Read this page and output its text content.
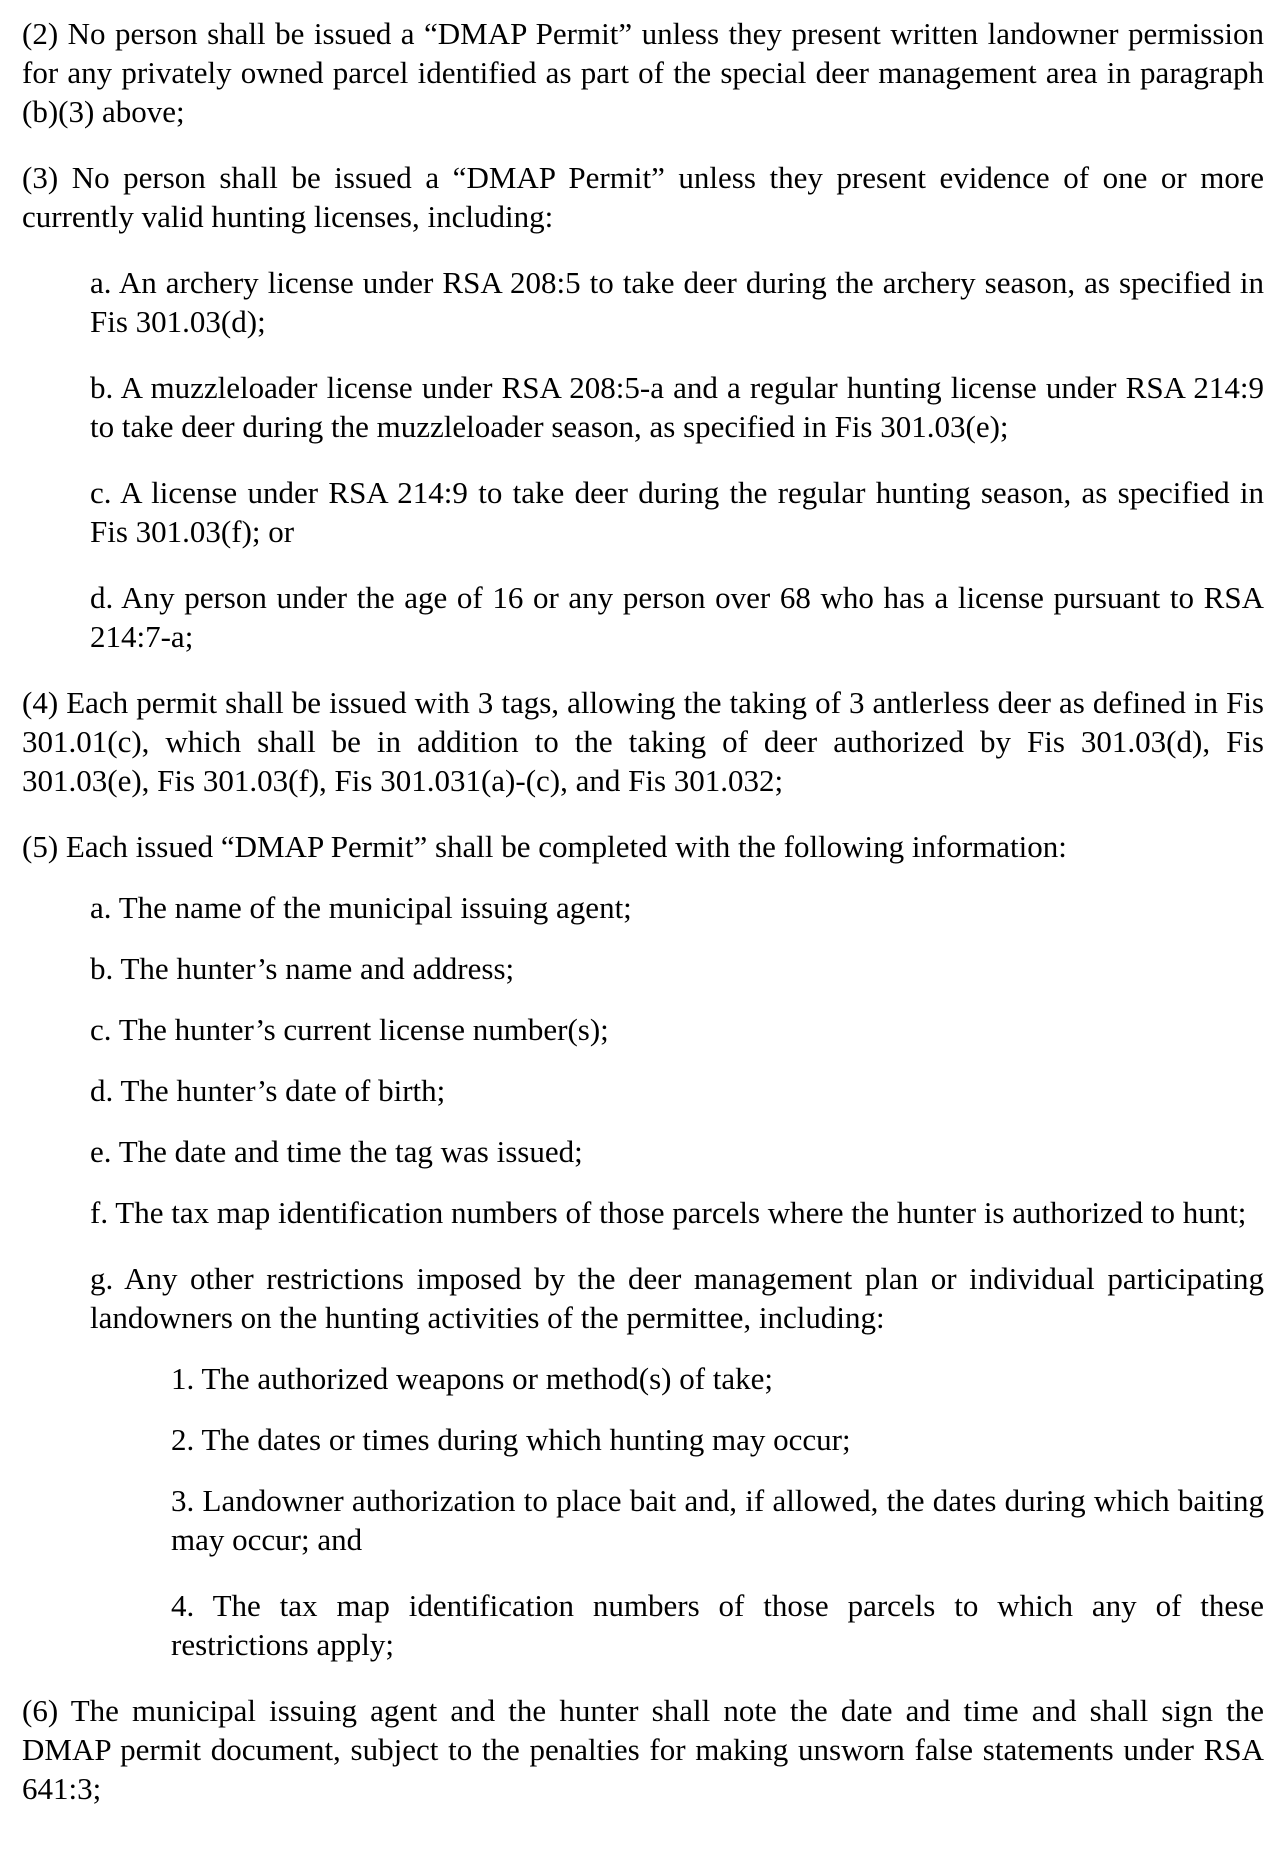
(2) No person shall be issued a “DMAP Permit” unless they present written landowner permission for any privately owned parcel identified as part of the special deer management area in paragraph (b)(3) above;

(3) No person shall be issued a “DMAP Permit” unless they present evidence of one or more currently valid hunting licenses, including:

a. An archery license under RSA 208:5 to take deer during the archery season, as specified in Fis 301.03(d);

b. A muzzleloader license under RSA 208:5-a and a regular hunting license under RSA 214:9 to take deer during the muzzleloader season, as specified in Fis 301.03(e);

c. A license under RSA 214:9 to take deer during the regular hunting season, as specified in Fis 301.03(f); or

d. Any person under the age of 16 or any person over 68 who has a license pursuant to RSA 214:7-a;

(4) Each permit shall be issued with 3 tags, allowing the taking of 3 antlerless deer as defined in Fis 301.01(c), which shall be in addition to the taking of deer authorized by Fis 301.03(d), Fis 301.03(e), Fis 301.03(f), Fis 301.031(a)-(c), and Fis 301.032;

(5) Each issued “DMAP Permit” shall be completed with the following information:

a. The name of the municipal issuing agent;

b. The hunter’s name and address;

c. The hunter’s current license number(s);

d. The hunter’s date of birth;

e. The date and time the tag was issued;

f. The tax map identification numbers of those parcels where the hunter is authorized to hunt;

g. Any other restrictions imposed by the deer management plan or individual participating landowners on the hunting activities of the permittee, including:

1. The authorized weapons or method(s) of take;

2. The dates or times during which hunting may occur;

3. Landowner authorization to place bait and, if allowed, the dates during which baiting may occur; and

4. The tax map identification numbers of those parcels to which any of these restrictions apply;

(6) The municipal issuing agent and the hunter shall note the date and time and shall sign the DMAP permit document, subject to the penalties for making unsworn false statements under RSA 641:3;
